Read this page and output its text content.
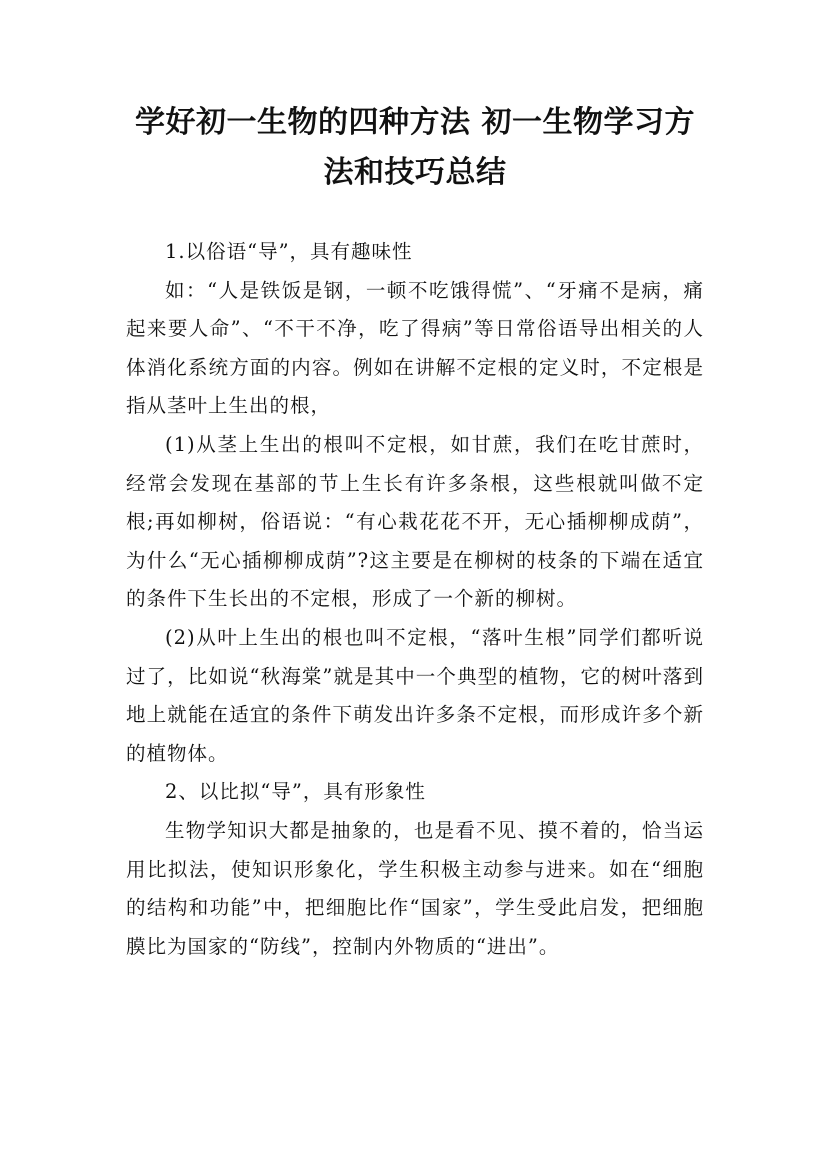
学好初一生物的四种方法 初一生物学习方法和技巧总结

1.以俗语“导”，具有趣味性

如：“人是铁饭是钢，一顿不吃饿得慌”、“牙痛不是病，痛起来要人命”、“不干不净，吃了得病”等日常俗语导出相关的人体消化系统方面的内容。例如在讲解不定根的定义时，不定根是指从茎叶上生出的根，

(1)从茎上生出的根叫不定根，如甘蔗，我们在吃甘蔗时，经常会发现在基部的节上生长有许多条根，这些根就叫做不定根;再如柳树，俗语说：“有心栽花花不开，无心插柳柳成荫”，为什么“无心插柳柳成荫”?这主要是在柳树的枝条的下端在适宜的条件下生长出的不定根，形成了一个新的柳树。

(2)从叶上生出的根也叫不定根，“落叶生根”同学们都听说过了，比如说“秋海棠”就是其中一个典型的植物，它的树叶落到地上就能在适宜的条件下萌发出许多条不定根，而形成许多个新的植物体。

2、以比拟“导”，具有形象性

生物学知识大都是抽象的，也是看不见、摸不着的，恰当运用比拟法，使知识形象化，学生积极主动参与进来。如在“细胞的结构和功能”中，把细胞比作“国家”，学生受此启发，把细胞膜比为国家的“防线”，控制内外物质的“进出”。
